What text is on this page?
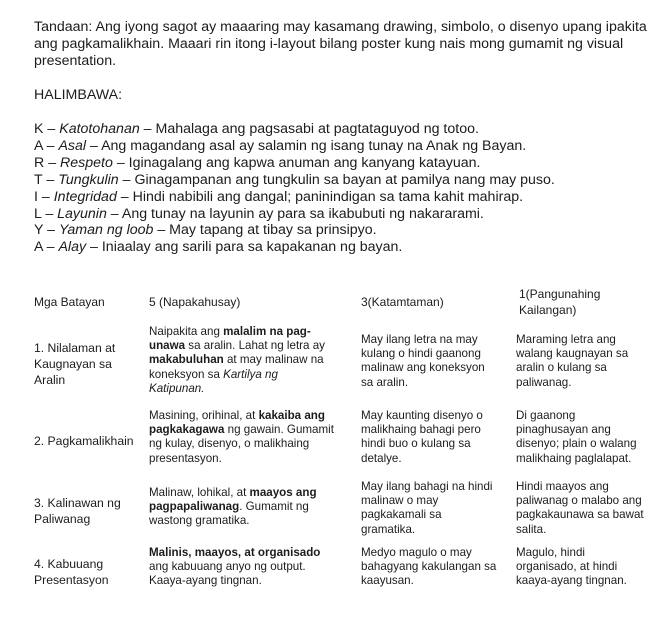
Tandaan: Ang iyong sagot ay maaaring may kasamang drawing, simbolo, o disenyo upang ipakita ang pagkamalikhain. Maaari rin itong i-layout bilang poster kung nais mong gumamit ng visual presentation.

HALIMBAWA:

K – Katotohanan – Mahalaga ang pagsasabi at pagtataguyod ng totoo.
A – Asal – Ang magandang asal ay salamin ng isang tunay na Anak ng Bayan.
R – Respeto – Iginagalang ang kapwa anuman ang kanyang katayuan.
T – Tungkulin – Ginagampanan ang tungkulin sa bayan at pamilya nang may puso.
I – Integridad – Hindi nabibili ang dangal; paninindigan sa tama kahit mahirap.
L – Layunin – Ang tunay na layunin ay para sa ikabubuti ng nakararami.
Y – Yaman ng loob – May tapang at tibay sa prinsipyo.
A – Alay – Iniaalay ang sarili para sa kapakanan ng bayan.
Mga Batayan	5 (Napakahusay)	3(Katamtaman)
1(Pangunahing
Kailangan)
1. Nilalaman at
Kaugnayan sa
Aralin
Naipakita ang malalim na pag-
unawa sa aralin. Lahat ng letra ay
makabuluhan at may malinaw na
koneksyon sa Kartilya ng
Katipunan.
May ilang letra na may
kulang o hindi gaanong
malinaw ang koneksyon
sa aralin.
Maraming letra ang
walang kaugnayan sa
aralin o kulang sa
paliwanag.
2. Pagkamalikhain
Masining, orihinal, at kakaiba ang
pagkakagawa ng gawain. Gumamit
ng kulay, disenyo, o malikhaing
presentasyon.
May kaunting disenyo o
malikhaing bahagi pero
hindi buo o kulang sa
detalye.
Di gaanong
pinaghusayan ang
disenyo; plain o walang
malikhaing paglalapat.
3. Kalinawan ng
Paliwanag
Malinaw, lohikal, at maayos ang
pagpapaliwanag. Gumamit ng
wastong gramatika.
May ilang bahagi na hindi
malinaw o may
pagkakamali sa
gramatika.
Hindi maayos ang
paliwanag o malabo ang
pagkakaunawa sa bawat
salita.
4. Kabuuang
Presentasyon
Malinis, maayos, at organisado
ang kabuuang anyo ng output.
Kaaya-ayang tingnan.
Medyo magulo o may
bahagyang kakulangan sa
kaayusan.
Magulo, hindi
organisado, at hindi
kaaya-ayang tingnan.
